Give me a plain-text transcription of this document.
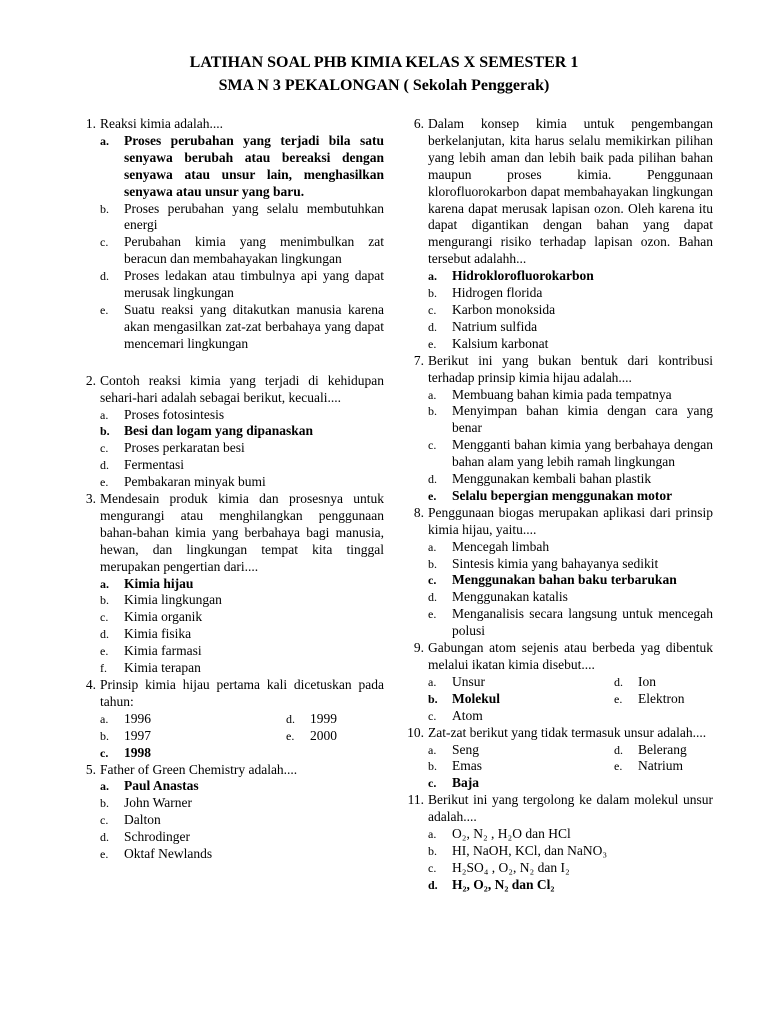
LATIHAN SOAL PHB KIMIA KELAS X SEMESTER 1
SMA N 3 PEKALONGAN ( Sekolah Penggerak)
1. Reaksi kimia adalah....
a. Proses perubahan yang terjadi bila satu senyawa berubah atau bereaksi dengan senyawa atau unsur lain, menghasilkan senyawa atau unsur yang baru.
b. Proses perubahan yang selalu membutuhkan energi
c. Perubahan kimia yang menimbulkan zat beracun dan membahayakan lingkungan
d. Proses ledakan atau timbulnya api yang dapat merusak lingkungan
e. Suatu reaksi yang ditakutkan manusia karena akan mengasilkan zat-zat berbahaya yang dapat mencemari lingkungan
2. Contoh reaksi kimia yang terjadi di kehidupan sehari-hari adalah sebagai berikut, kecuali....
a. Proses fotosintesis
b. Besi dan logam yang dipanaskan
c. Proses perkaratan besi
d. Fermentasi
e. Pembakaran minyak bumi
3. Mendesain produk kimia dan prosesnya untuk mengurangi atau menghilangkan penggunaan bahan-bahan kimia yang berbahaya bagi manusia, hewan, dan lingkungan tempat kita tinggal merupakan pengertian dari....
a. Kimia hijau
b. Kimia lingkungan
c. Kimia organik
d. Kimia fisika
e. Kimia farmasi
f. Kimia terapan
4. Prinsip kimia hijau pertama kali dicetuskan pada tahun:
a. 1996	d. 1999
b. 1997	e. 2000
c. 1998
5. Father of Green Chemistry adalah....
a. Paul Anastas
b. John Warner
c. Dalton
d. Schrodinger
e. Oktaf Newlands
6. Dalam konsep kimia untuk pengembangan berkelanjutan, kita harus selalu memikirkan pilihan yang lebih aman dan lebih baik pada pilihan bahan maupun proses kimia. Penggunaan klorofluorokarbon dapat membahayakan lingkungan karena dapat merusak lapisan ozon. Oleh karena itu dapat digantikan dengan bahan yang dapat mengurangi risiko terhadap lapisan ozon. Bahan tersebut adalahh...
a. Hidroklorofluorokarbon
b. Hidrogen florida
c. Karbon monoksida
d. Natrium sulfida
e. Kalsium karbonat
7. Berikut ini yang bukan bentuk dari kontribusi terhadap prinsip kimia hijau adalah....
a. Membuang bahan kimia pada tempatnya
b. Menyimpan bahan kimia dengan cara yang benar
c. Mengganti bahan kimia yang berbahaya dengan bahan alam yang lebih ramah lingkungan
d. Menggunakan kembali bahan plastik
e. Selalu bepergian menggunakan motor
8. Penggunaan biogas merupakan aplikasi dari prinsip kimia hijau, yaitu....
a. Mencegah limbah
b. Sintesis kimia yang bahayanya sedikit
c. Menggunakan bahan baku terbarukan
d. Menggunakan katalis
e. Menganalisis secara langsung untuk mencegah polusi
9. Gabungan atom sejenis atau berbeda yag dibentuk melalui ikatan kimia disebut....
a. Unsur	d. Ion
b. Molekul	e. Elektron
c. Atom
10. Zat-zat berikut yang tidak termasuk unsur adalah....
a. Seng	d. Belerang
b. Emas	e. Natrium
c. Baja
11. Berikut ini yang tergolong ke dalam molekul unsur adalah....
a. O₂, N₂ , H₂O dan HCl
b. HI, NaOH, KCl, dan NaNO₃
c. H₂SO₄ , O₂, N₂ dan I₂
d. H₂, O₂, N₂ dan Cl₂
